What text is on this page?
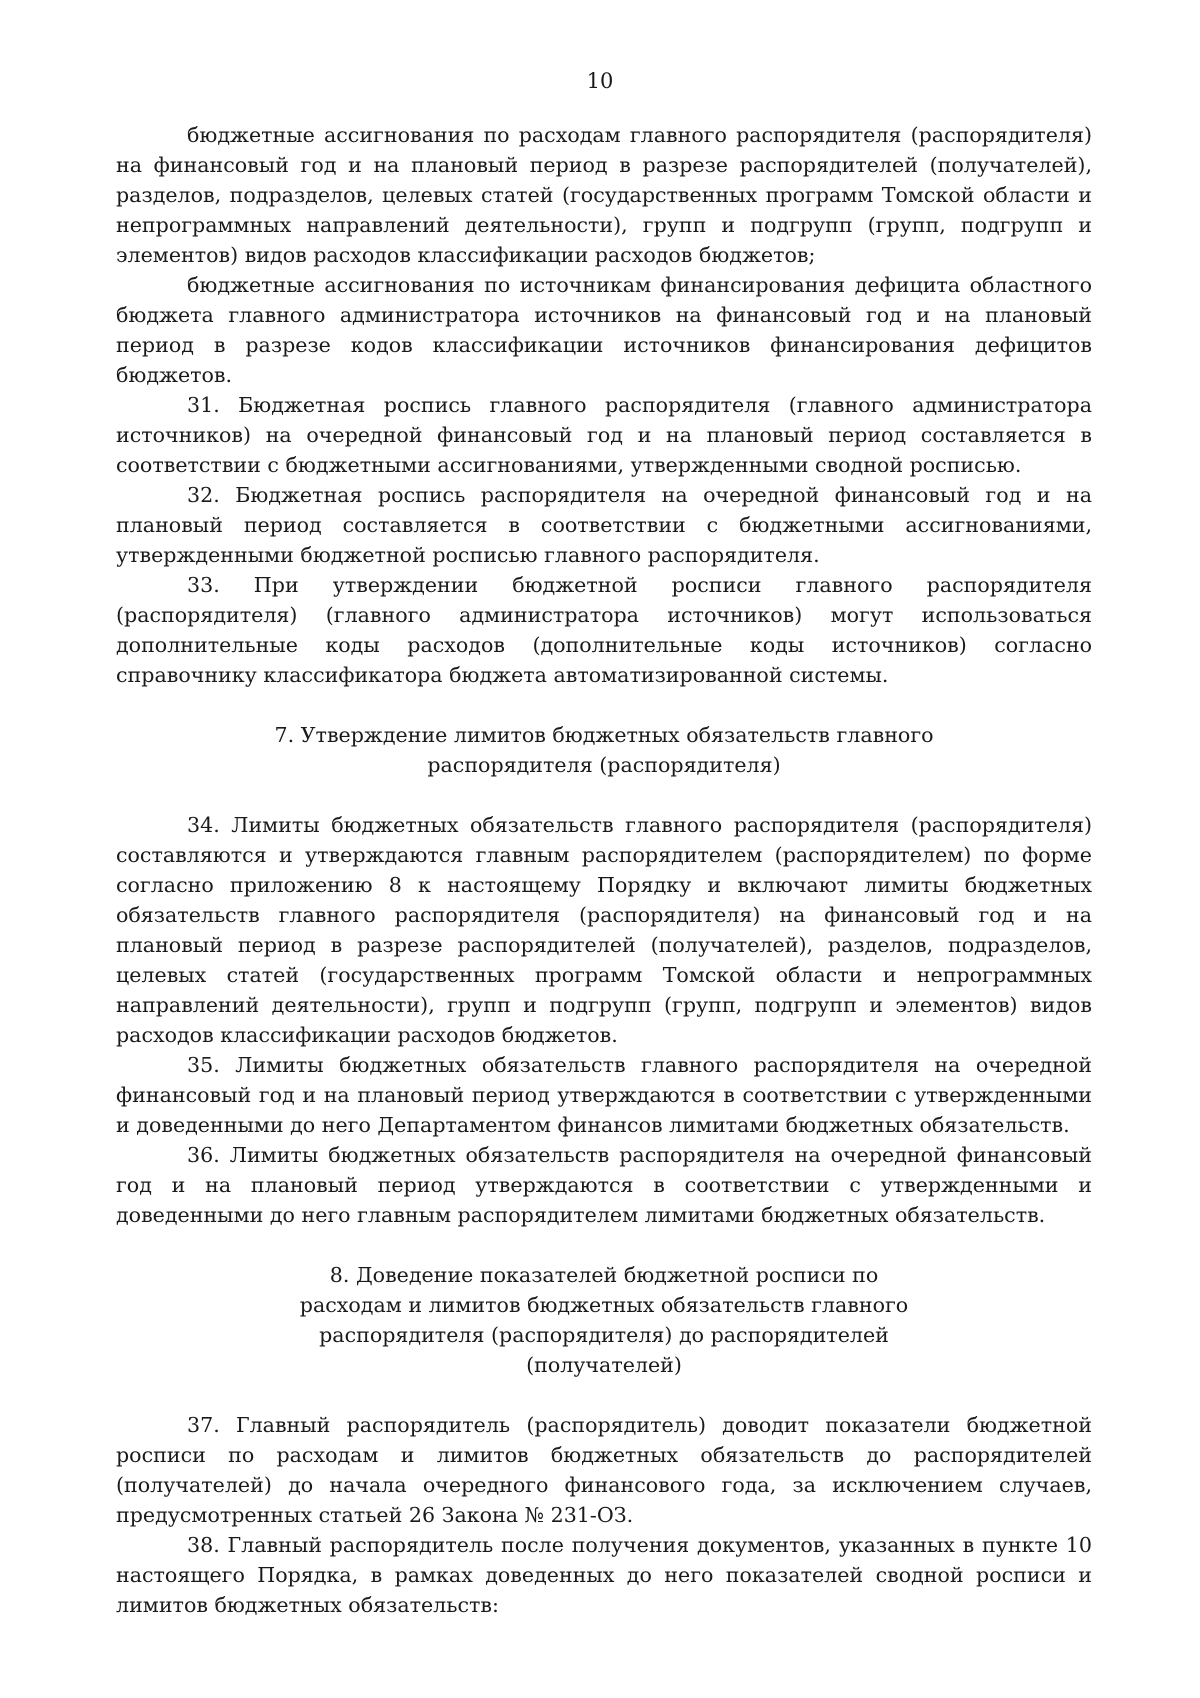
10

бюджетные ассигнования по расходам главного распорядителя (распорядителя) на финансовый год и на плановый период в разрезе распорядителей (получателей), разделов, подразделов, целевых статей (государственных программ Томской области и непрограммных направлений деятельности), групп и подгрупп (групп, подгрупп и элементов) видов расходов классификации расходов бюджетов;

бюджетные ассигнования по источникам финансирования дефицита областного бюджета главного администратора источников на финансовый год и на плановый период в разрезе кодов классификации источников финансирования дефицитов бюджетов.

31. Бюджетная роспись главного распорядителя (главного администратора источников) на очередной финансовый год и на плановый период составляется в соответствии с бюджетными ассигнованиями, утвержденными сводной росписью.

32. Бюджетная роспись распорядителя на очередной финансовый год и на плановый период составляется в соответствии с бюджетными ассигнованиями, утвержденными бюджетной росписью главного распорядителя.

33. При утверждении бюджетной росписи главного распорядителя (распорядителя) (главного администратора источников) могут использоваться дополнительные коды расходов (дополнительные коды источников) согласно справочнику классификатора бюджета автоматизированной системы.

7. Утверждение лимитов бюджетных обязательств главного распорядителя (распорядителя)

34. Лимиты бюджетных обязательств главного распорядителя (распорядителя) составляются и утверждаются главным распорядителем (распорядителем) по форме согласно приложению 8 к настоящему Порядку и включают лимиты бюджетных обязательств главного распорядителя (распорядителя) на финансовый год и на плановый период в разрезе распорядителей (получателей), разделов, подразделов, целевых статей (государственных программ Томской области и непрограммных направлений деятельности), групп и подгрупп (групп, подгрупп и элементов) видов расходов классификации расходов бюджетов.

35. Лимиты бюджетных обязательств главного распорядителя на очередной финансовый год и на плановый период утверждаются в соответствии с утвержденными и доведенными до него Департаментом финансов лимитами бюджетных обязательств.

36. Лимиты бюджетных обязательств распорядителя на очередной финансовый год и на плановый период утверждаются в соответствии с утвержденными и доведенными до него главным распорядителем лимитами бюджетных обязательств.

8. Доведение показателей бюджетной росписи по расходам и лимитов бюджетных обязательств главного распорядителя (распорядителя) до распорядителей (получателей)

37. Главный распорядитель (распорядитель) доводит показатели бюджетной росписи по расходам и лимитов бюджетных обязательств до распорядителей (получателей) до начала очередного финансового года, за исключением случаев, предусмотренных статьей 26 Закона № 231-ОЗ.

38. Главный распорядитель после получения документов, указанных в пункте 10 настоящего Порядка, в рамках доведенных до него показателей сводной росписи и лимитов бюджетных обязательств:
